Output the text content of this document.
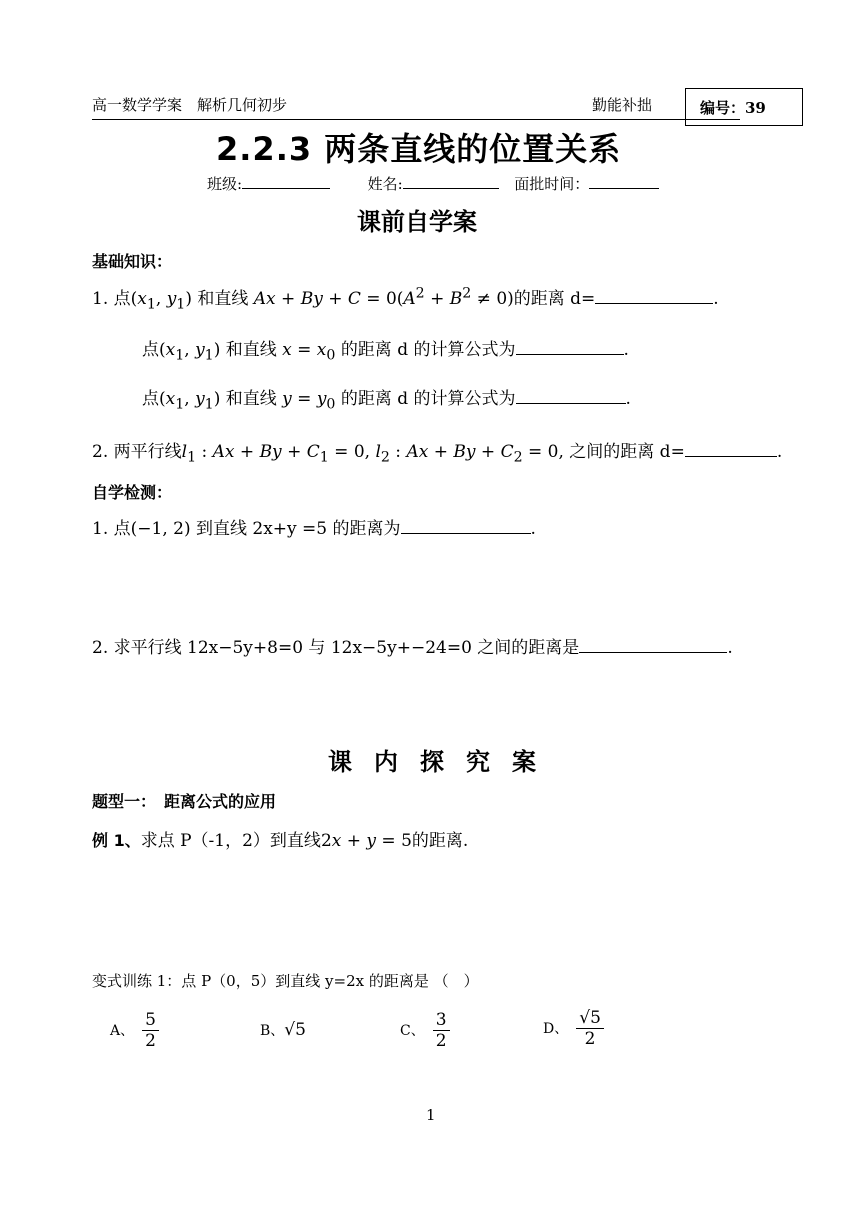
高一数学学案　解析几何初步	勤能补拙	编号：39
2.2.3 两条直线的位置关系
班级:	姓名:	面批时间：
课前自学案
基础知识：
1. 点($x_1$, $y_1$) 和直线 $Ax + By + C = 0(A^2 + B^2 \ne 0)$的距离 d=	.
点($x_1$, $y_1$) 和直线 $x = x_0$ 的距离 d 的计算公式为	.
点($x_1$, $y_1$) 和直线 $y = y_0$ 的距离 d 的计算公式为	.
2. 两平行线$l_1$ : $Ax + By + C_1 = 0$, $l_2$ : $Ax + By + C_2 = 0$, 之间的距离 d=	.
自学检测：
1. 点(−1, 2) 到直线 2x+y =5 的距离为	.
2. 求平行线 12x−5y+8=0 与 12x−5y+−24=0 之间的距离是	.
课内探究案
题型一：　距离公式的应用
例 1、求点 P（-1，2）到直线2x + y = 5的距离.
变式训练 1：点 P（0，5）到直线 y=2x 的距离是 （　）
A、 $\frac{5}{2}$	B、√5	C、 $\frac{3}{2}$	D、 $\frac{√5}{2}$
1
